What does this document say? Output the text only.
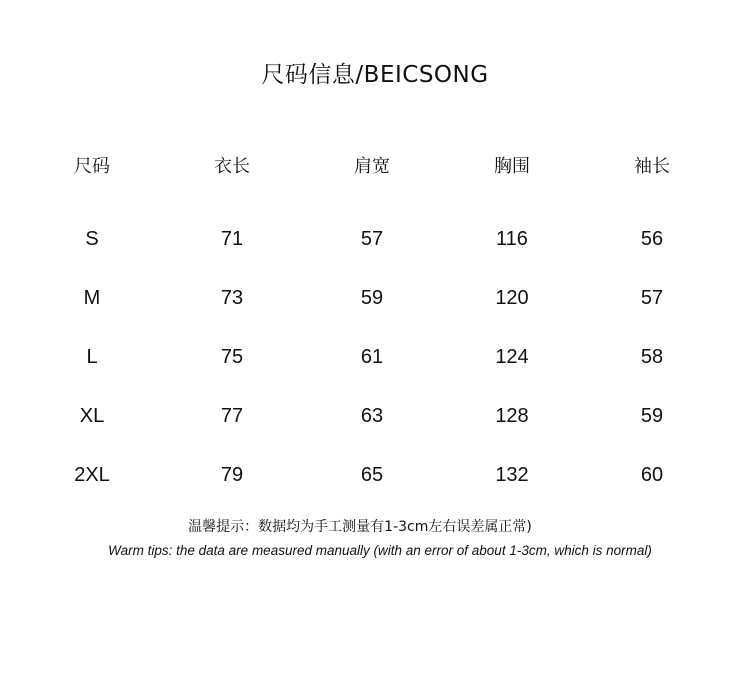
尺码信息/BEICSONG
尺码	衣长	肩宽	胸围	袖长
S	71	57	116	56
M	73	59	120	57
L	75	61	124	58
XL	77	63	128	59
2XL	79	65	132	60
温馨提示：数据均为手工测量有1-3cm左右误差属正常)
Warm tips: the data are measured manually (with an error of about 1-3cm, which is normal)
